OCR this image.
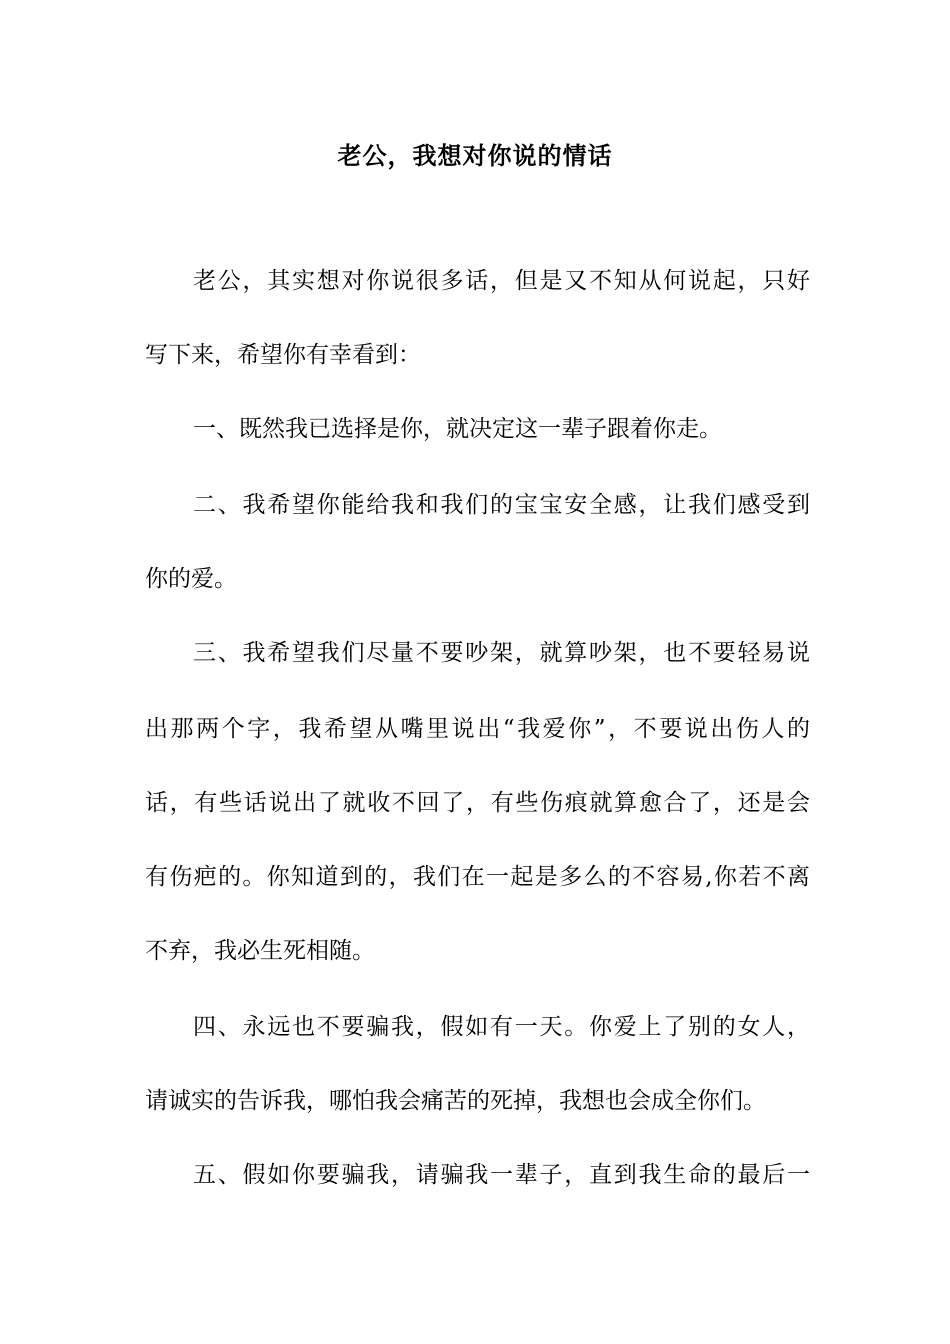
老公，我想对你说的情话
老公，其实想对你说很多话，但是又不知从何说起，只好
写下来，希望你有幸看到：
一、既然我已选择是你，就决定这一辈子跟着你走。
二、我希望你能给我和我们的宝宝安全感，让我们感受到
你的爱。
三、我希望我们尽量不要吵架，就算吵架，也不要轻易说
出那两个字，我希望从嘴里说出“我爱你”，不要说出伤人的
话，有些话说出了就收不回了，有些伤痕就算愈合了，还是会
有伤疤的。你知道到的，我们在一起是多么的不容易,你若不离
不弃，我必生死相随。
四、永远也不要骗我，假如有一天。你爱上了别的女人，
请诚实的告诉我，哪怕我会痛苦的死掉，我想也会成全你们。
五、假如你要骗我，请骗我一辈子，直到我生命的最后一
